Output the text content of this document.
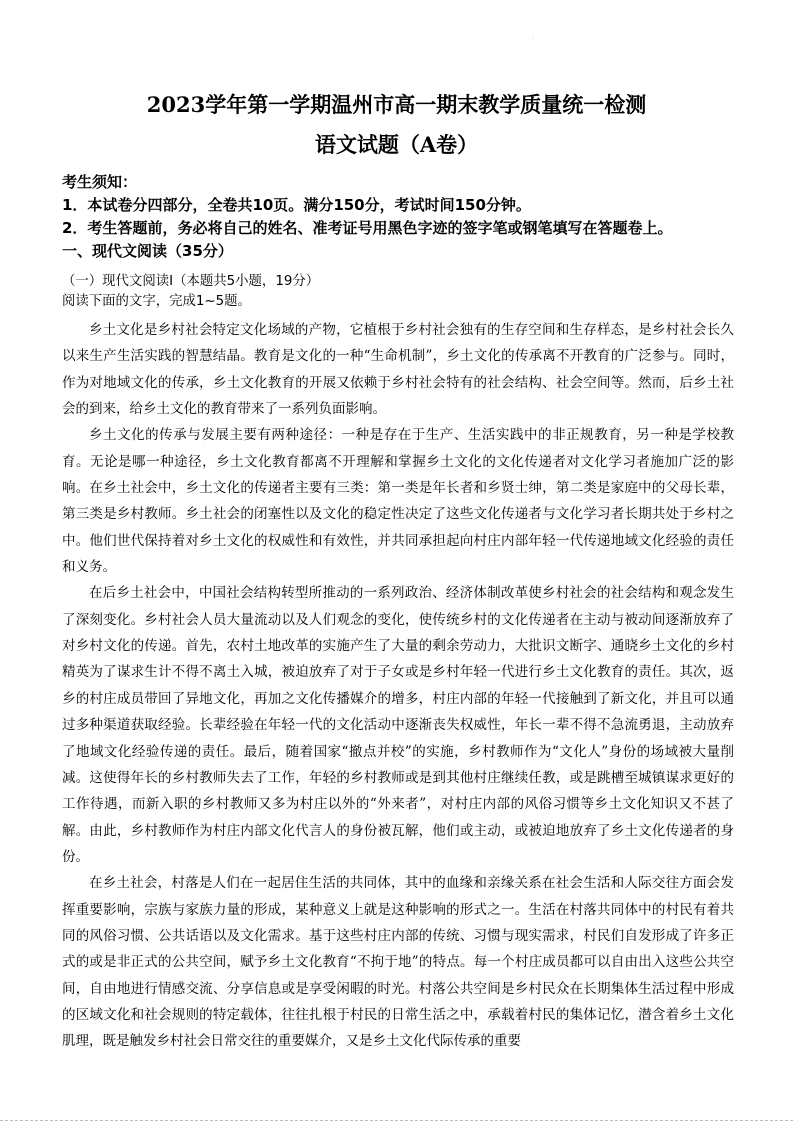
·
2023学年第一学期温州市高一期末教学质量统一检测
语文试题（A卷）

考生须知：

1．本试卷分四部分，全卷共10页。满分150分，考试时间150分钟。

2．考生答题前，务必将自己的姓名、准考证号用黑色字迹的签字笔或钢笔填写在答题卷上。

一、现代文阅读（35分）

（一）现代文阅读Ⅰ（本题共5小题，19分）

阅读下面的文字，完成1~5题。

乡土文化是乡村社会特定文化场域的产物，它植根于乡村社会独有的生存空间和生存样态，是乡村社会长久以来生产生活实践的智慧结晶。教育是文化的一种“生命机制”，乡土文化的传承离不开教育的广泛参与。同时，作为对地域文化的传承，乡土文化教育的开展又依赖于乡村社会特有的社会结构、社会空间等。然而，后乡土社会的到来，给乡土文化的教育带来了一系列负面影响。

乡土文化的传承与发展主要有两种途径：一种是存在于生产、生活实践中的非正规教育，另一种是学校教育。无论是哪一种途径，乡土文化教育都离不开理解和掌握乡土文化的文化传递者对文化学习者施加广泛的影响。在乡土社会中，乡土文化的传递者主要有三类：第一类是年长者和乡贤士绅，第二类是家庭中的父母长辈，第三类是乡村教师。乡土社会的闭塞性以及文化的稳定性决定了这些文化传递者与文化学习者长期共处于乡村之中。他们世代保持着对乡土文化的权威性和有效性，并共同承担起向村庄内部年轻一代传递地域文化经验的责任和义务。

在后乡土社会中，中国社会结构转型所推动的一系列政治、经济体制改革使乡村社会的社会结构和观念发生了深刻变化。乡村社会人员大量流动以及人们观念的变化，使传统乡村的文化传递者在主动与被动间逐渐放弃了对乡村文化的传递。首先，农村土地改革的实施产生了大量的剩余劳动力，大批识文断字、通晓乡土文化的乡村精英为了谋求生计不得不离土入城，被迫放弃了对于子女或是乡村年轻一代进行乡土文化教育的责任。其次，返乡的村庄成员带回了异地文化，再加之文化传播媒介的增多，村庄内部的年轻一代接触到了新文化，并且可以通过多种渠道获取经验。长辈经验在年轻一代的文化活动中逐渐丧失权威性，年长一辈不得不急流勇退，主动放弃了地域文化经验传递的责任。最后，随着国家“撤点并校”的实施，乡村教师作为“文化人”身份的场域被大量削减。这使得年长的乡村教师失去了工作，年轻的乡村教师或是到其他村庄继续任教，或是跳槽至城镇谋求更好的工作待遇，而新入职的乡村教师又多为村庄以外的“外来者”，对村庄内部的风俗习惯等乡土文化知识又不甚了解。由此，乡村教师作为村庄内部文化代言人的身份被瓦解，他们或主动，或被迫地放弃了乡土文化传递者的身份。

在乡土社会，村落是人们在一起居住生活的共同体，其中的血缘和亲缘关系在社会生活和人际交往方面会发挥重要影响，宗族与家族力量的形成，某种意义上就是这种影响的形式之一。生活在村落共同体中的村民有着共同的风俗习惯、公共话语以及文化需求。基于这些村庄内部的传统、习惯与现实需求，村民们自发形成了许多正式的或是非正式的公共空间，赋予乡土文化教育“不拘于地”的特点。每一个村庄成员都可以自由出入这些公共空间，自由地进行情感交流、分享信息或是享受闲暇的时光。村落公共空间是乡村民众在长期集体生活过程中形成的区域文化和社会规则的特定载体，往往扎根于村民的日常生活之中，承载着村民的集体记忆，潜含着乡土文化肌理，既是触发乡村社会日常交往的重要媒介，又是乡土文化代际传承的重要
